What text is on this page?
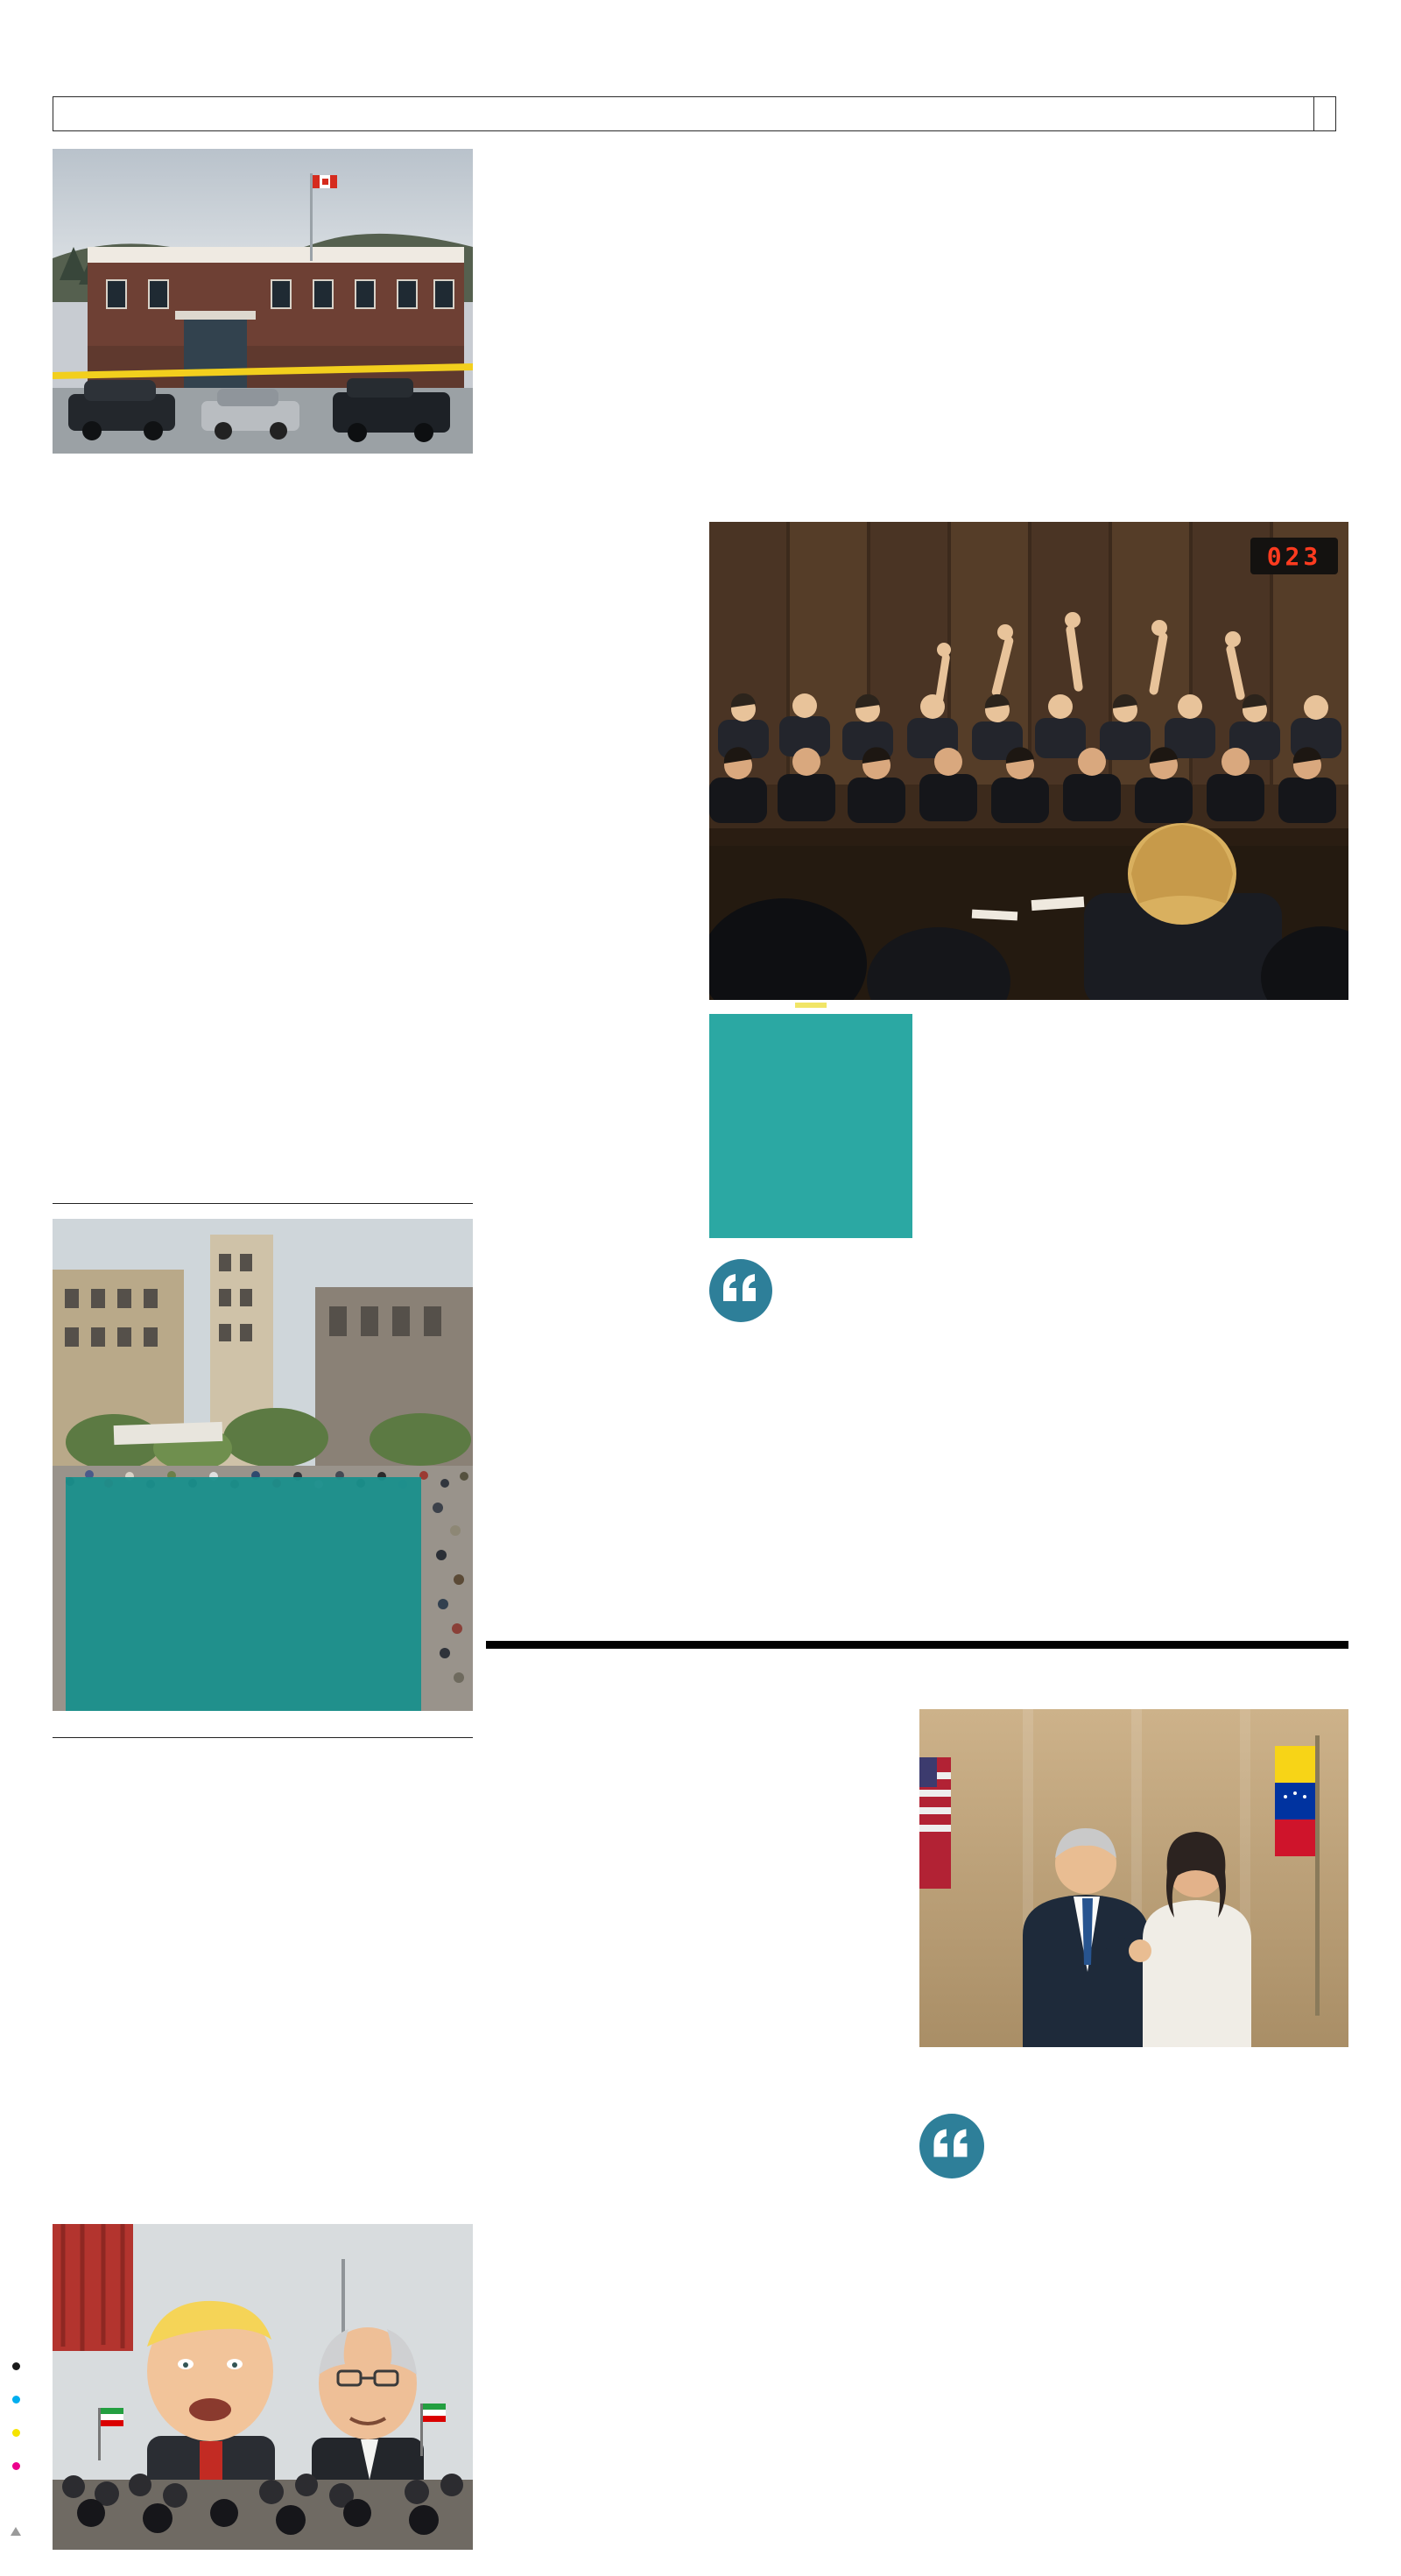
023
